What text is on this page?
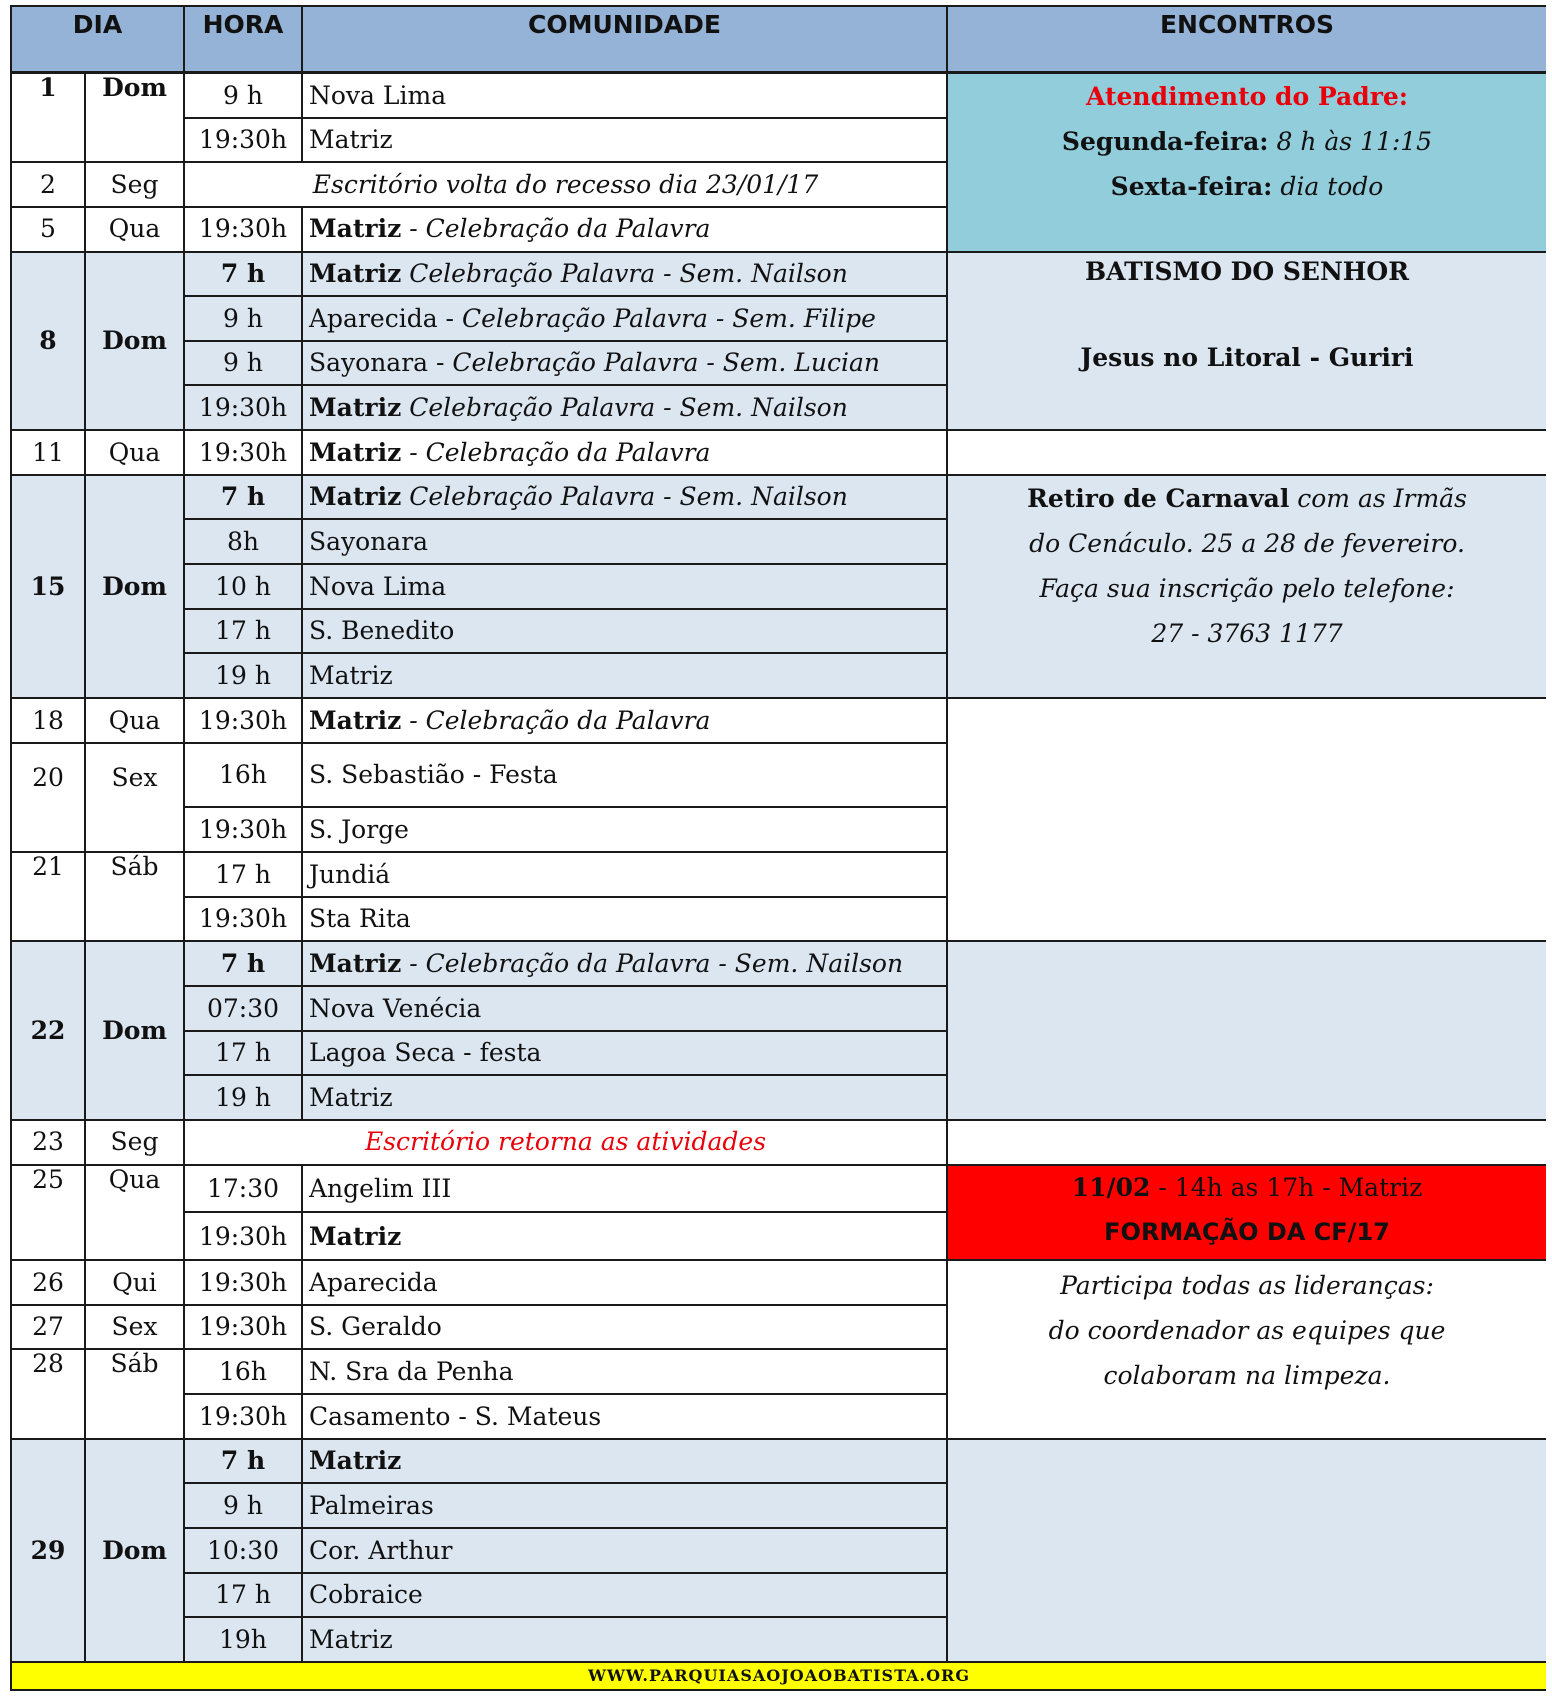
DIA		HORA	COMUNIDADE	ENCONTROS
1	Dom	9 h	Nova Lima	Atendimento do Padre:
Segunda-feira: 8 h às 11:15
Sexta-feira: dia todo

		19:30h	Matriz	
2	Seg	Escritório volta do recesso dia 23/01/17		
5	Qua	19:30h	Matriz - Celebração da Palavra	
8	Dom	7 h	Matriz Celebração Palavra - Sem. Nailson	BATISMO DO SENHOR
Jesus no Litoral - Guriri

		9 h	Aparecida - Celebração Palavra - Sem. Filipe	
		9 h	Sayonara - Celebração Palavra - Sem. Lucian	
		19:30h	Matriz Celebração Palavra - Sem. Nailson	
11	Qua	19:30h	Matriz - Celebração da Palavra	
15	Dom	7 h	Matriz Celebração Palavra - Sem. Nailson	Retiro de Carnaval com as Irmãs
do Cenáculo. 25 a 28 de fevereiro.
Faça sua inscrição pelo telefone:
27 - 3763 1177

		8h	Sayonara	
		10 h	Nova Lima	
		17 h	S. Benedito	
		19 h	Matriz	
18	Qua	19:30h	Matriz - Celebração da Palavra	
20	Sex	16h	S. Sebastião - Festa	
		19:30h	S. Jorge	
21	Sáb	17 h	Jundiá	
		19:30h	Sta Rita	
22	Dom	7 h	Matriz - Celebração da Palavra - Sem. Nailson	
		07:30	Nova Venécia	
		17 h	Lagoa Seca - festa	
		19 h	Matriz	
23	Seg	Escritório retorna as atividades		
25	Qua	17:30	Angelim III	11/02 - 14h as 17h - Matriz
FORMAÇÃO DA CF/17

		19:30h	Matriz	
26	Qui	19:30h	Aparecida	Participa todas as lideranças:
do coordenador as equipes que
colaboram na limpeza.

27	Sex	19:30h	S. Geraldo	
28	Sáb	16h	N. Sra da Penha	
		19:30h	Casamento - S. Mateus	
29	Dom	7 h	Matriz	
		9 h	Palmeiras	
		10:30	Cor. Arthur	
		17 h	Cobraice	
		19h	Matriz	
WWW.PARQUIASAOJOAOBATISTA.ORG				
